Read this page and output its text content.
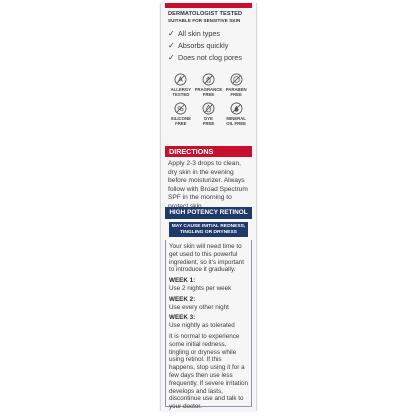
DERMATOLOGIST TESTED
SUITABLE FOR SENSITIVE SKIN
✓ All skin types
✓ Absorbs quickly
✓ Does not clog pores
ALLERGY
TESTED
FRAGRANCE
FREE
PARABEN
FREE
SILICONE
FREE
DYE
FREE
MINERAL
OIL FREE
DIRECTIONS
Apply 2-3 drops to clean, dry skin in the evening before moisturizer. Always follow with Broad Spectrum SPF in the morning to
HIGH POTENCY RETINOL
MAY CAUSE INITIAL REDNESS, TINGLING OR DRYNESS

Your skin will need time to get used to this powerful ingredient, so it's important to introduce it gradually.

WEEK 1:

Use 2 nights per week

WEEK 2:

Use every other night

WEEK 3:

Use nightly as tolerated

It is normal to experience some initial redness, tingling or dryness while using retinol. If this happens, stop using it for a few days then use less frequently. If severe irritation develops and lasts, discontinue use and talk to your doctor.
